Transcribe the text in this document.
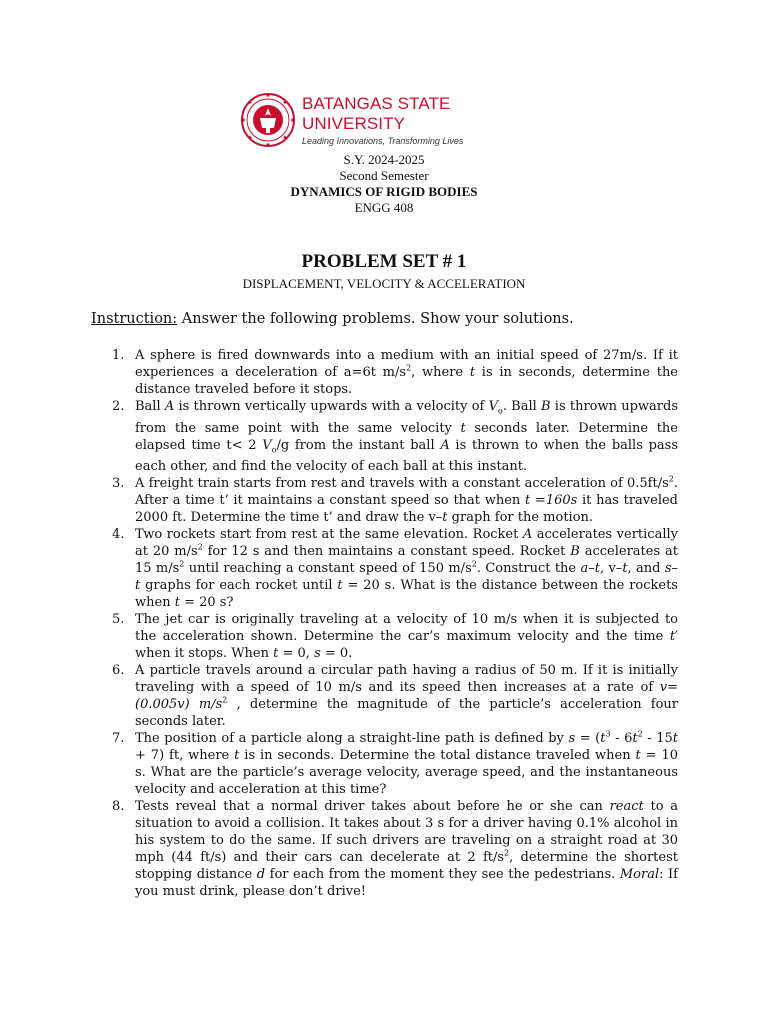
BATANGAS STATE UNIVERSITY
Leading Innovations, Transforming Lives
S.Y. 2024-2025
Second Semester
DYNAMICS OF RIGID BODIES
ENGG 408
PROBLEM SET # 1
DISPLACEMENT, VELOCITY & ACCELERATION
Instruction: Answer the following problems. Show your solutions.
1. A sphere is fired downwards into a medium with an initial speed of 27m/s. If it experiences a deceleration of a=6t $m/s^2$, where t is in seconds, determine the distance traveled before it stops.
2. Ball A is thrown vertically upwards with a velocity of $V_o$. Ball B is thrown upwards from the same point with the same velocity t seconds later. Determine the elapsed time t< 2 $V_o/g$ from the instant ball A is thrown to when the balls pass each other, and find the velocity of each ball at this instant.
3. A freight train starts from rest and travels with a constant acceleration of $0.5ft/s^2$. After a time t’ it maintains a constant speed so that when t =160s it has traveled 2000 ft. Determine the time t’ and draw the v–t graph for the motion.
4. Two rockets start from rest at the same elevation. Rocket A accelerates vertically at 20 $m/s^2$ for 12 s and then maintains a constant speed. Rocket B accelerates at 15 $m/s^2$ until reaching a constant speed of 150 $m/s^2$. Construct the a–t, v–t, and s–t graphs for each rocket until t = 20 s. What is the distance between the rockets when t = 20 s?
5. The jet car is originally traveling at a velocity of 10 m/s when it is subjected to the acceleration shown. Determine the car’s maximum velocity and the time t′ when it stops. When t = 0, s = 0.
6. A particle travels around a circular path having a radius of 50 m. If it is initially traveling with a speed of 10 m/s and its speed then increases at a rate of v= (0.005v) $m/s^2$ , determine the magnitude of the particle’s acceleration four seconds later.
7. The position of a particle along a straight-line path is defined by $s = (t^3 - 6t^2 - 15t + 7)$ ft, where t is in seconds. Determine the total distance traveled when t = 10 s. What are the particle’s average velocity, average speed, and the instantaneous velocity and acceleration at this time?
8. Tests reveal that a normal driver takes about before he or she can react to a situation to avoid a collision. It takes about 3 s for a driver having 0.1% alcohol in his system to do the same. If such drivers are traveling on a straight road at 30 mph (44 ft/s) and their cars can decelerate at 2 $ft/s^2$, determine the shortest stopping distance d for each from the moment they see the pedestrians. Moral: If you must drink, please don’t drive!
